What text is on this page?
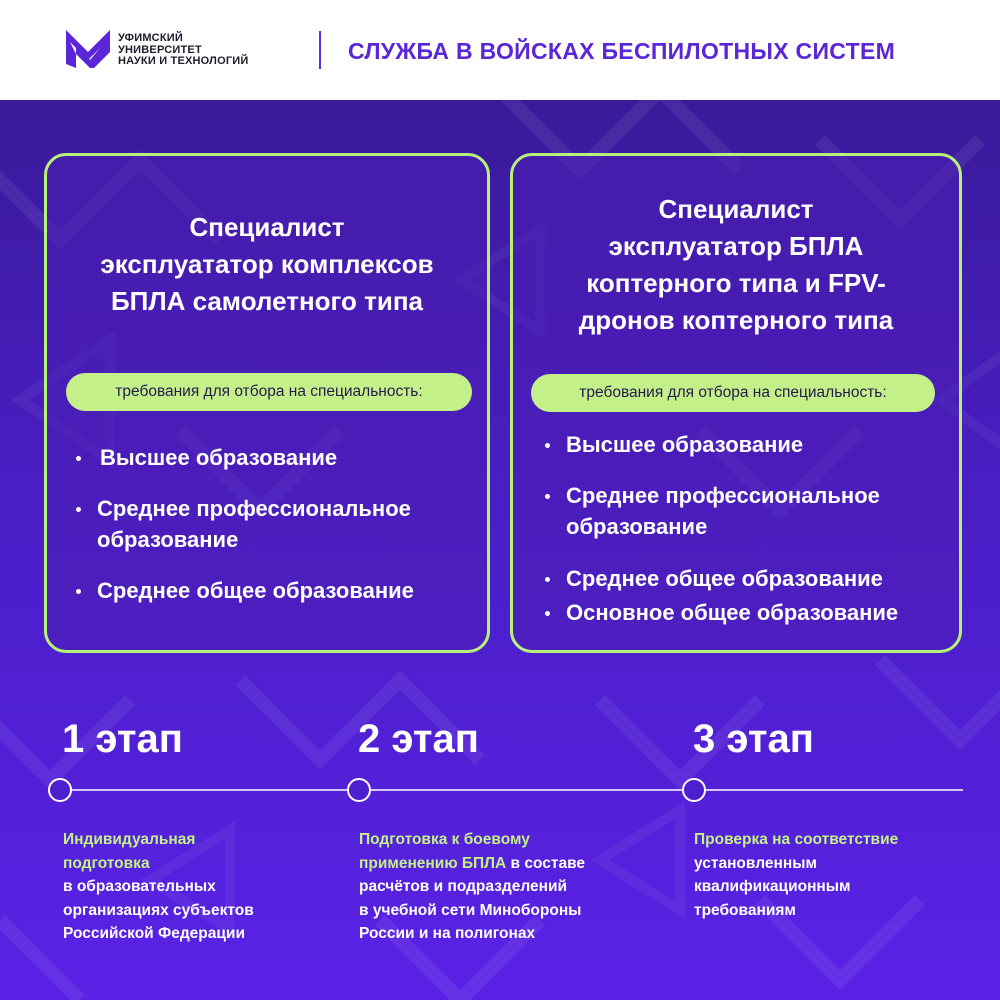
УФИМСКИЙ
УНИВЕРСИТЕТ
НАУКИ И ТЕХНОЛОГИЙ	СЛУЖБА В ВОЙСКАХ БЕСПИЛОТНЫХ СИСТЕМ
Специалист
эксплуататор комплексов
БПЛА самолетного типа
требования для отбора на специальность:
Высшее образование
Среднее профессиональное образование
Среднее общее образование
Специалист
эксплуататор БПЛА
коптерного типа и FPV-
дронов коптерного типа
требования для отбора на специальность:
Высшее образование
Среднее профессиональное образование
Среднее общее образование
Основное общее образование
1 этап	2 этап	3 этап
Индивидуальная
подготовка
в образовательных
организациях субъектов
Российской Федерации
Подготовка к боевому
применению БПЛА в составе
расчётов и подразделений
в учебной сети Минобороны
России и на полигонах
Проверка на соответствие
установленным
квалификационным
требованиям
